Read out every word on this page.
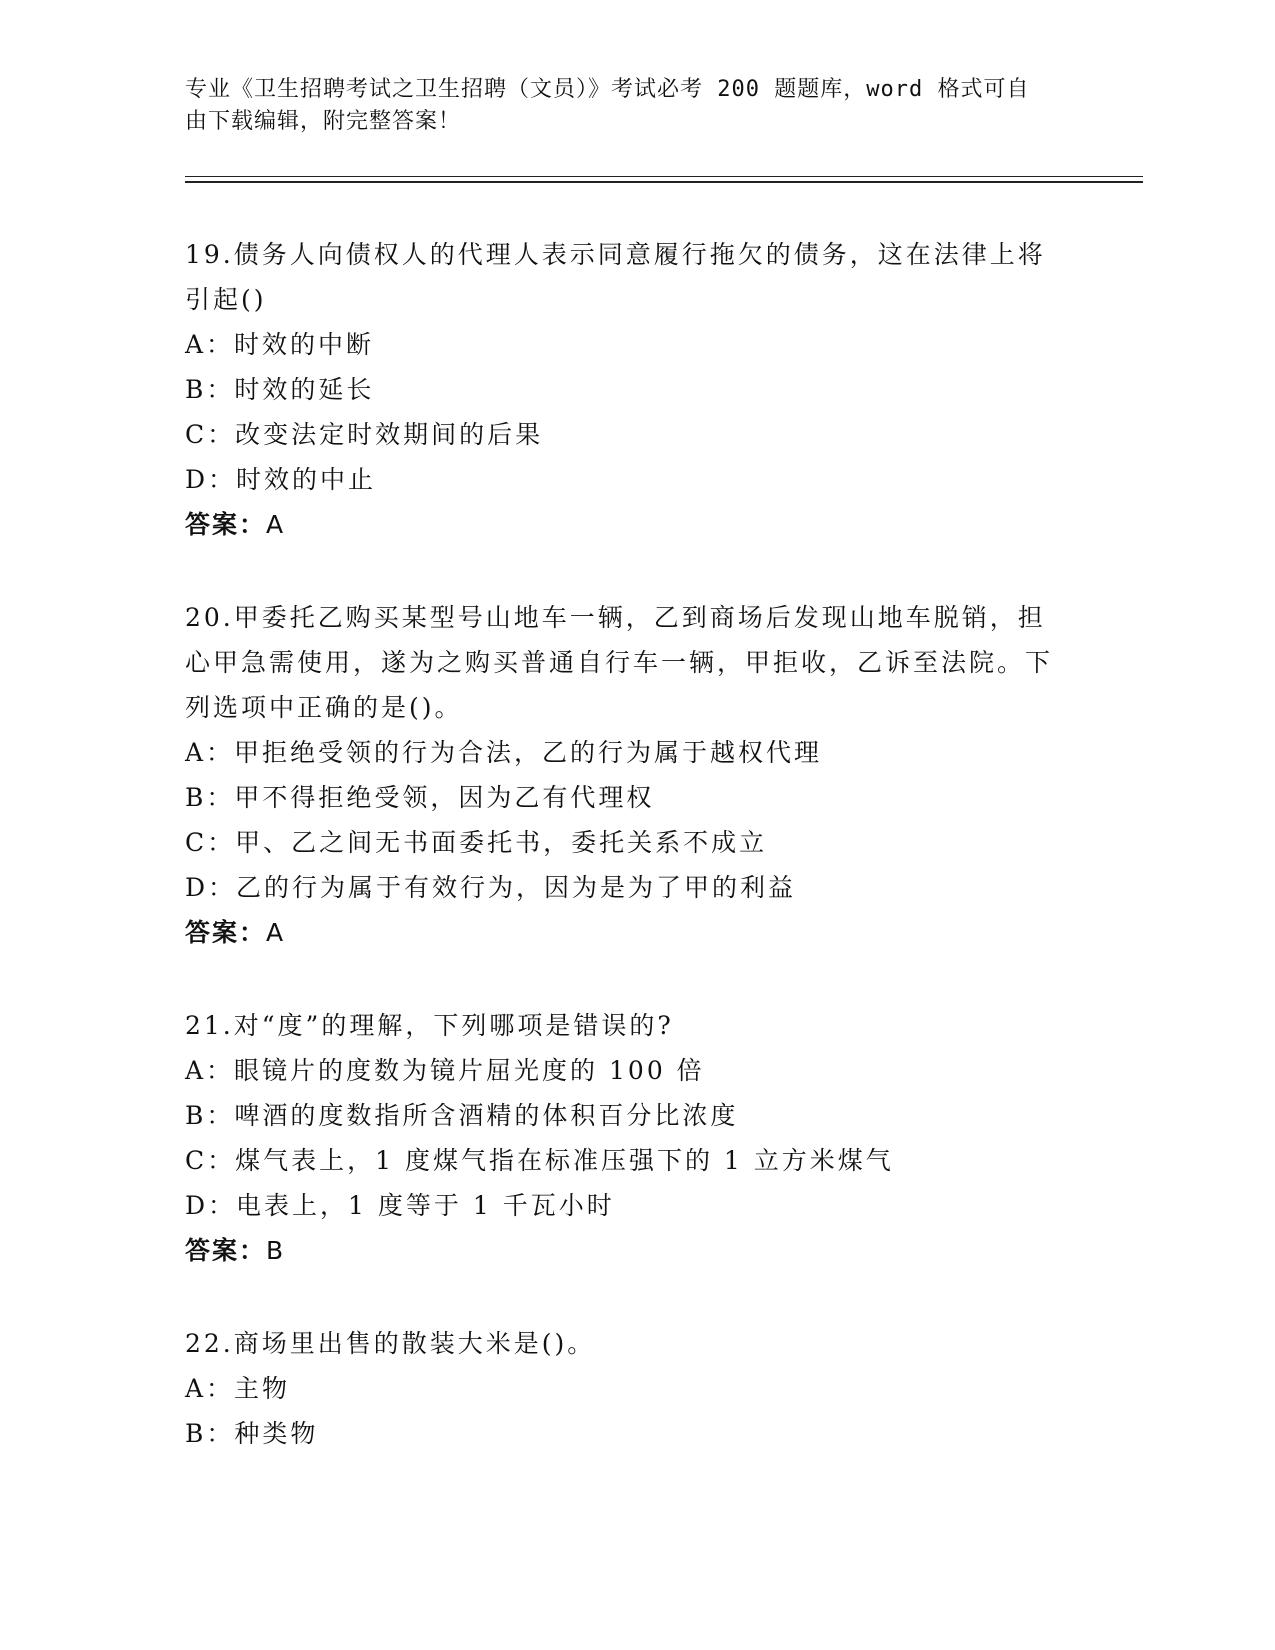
专业《卫生招聘考试之卫生招聘（文员）》考试必考 200 题题库，word 格式可自
由下载编辑，附完整答案！
19.债务人向债权人的代理人表示同意履行拖欠的债务，这在法律上将引起()
A：时效的中断
B：时效的延长
C：改变法定时效期间的后果
D：时效的中止
答案：A
20.甲委托乙购买某型号山地车一辆，乙到商场后发现山地车脱销，担心甲急需使用，遂为之购买普通自行车一辆，甲拒收，乙诉至法院。下列选项中正确的是()。
A：甲拒绝受领的行为合法，乙的行为属于越权代理
B：甲不得拒绝受领，因为乙有代理权
C：甲、乙之间无书面委托书，委托关系不成立
D：乙的行为属于有效行为，因为是为了甲的利益
答案：A
21.对“度”的理解，下列哪项是错误的?
A：眼镜片的度数为镜片屈光度的 100 倍
B：啤酒的度数指所含酒精的体积百分比浓度
C：煤气表上，1 度煤气指在标准压强下的 1 立方米煤气
D：电表上，1 度等于 1 千瓦小时
答案：B
22.商场里出售的散装大米是()。
A：主物
B：种类物
